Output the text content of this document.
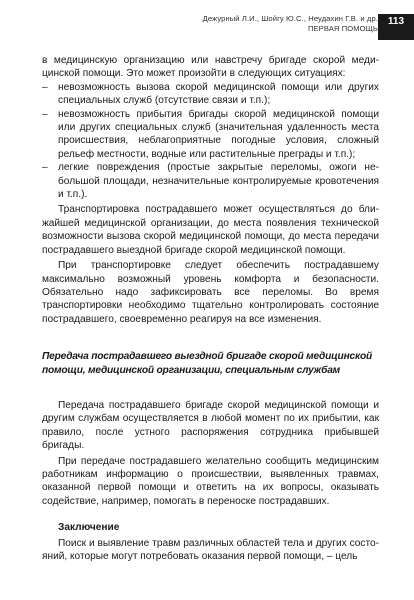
Дежурный Л.И., Шойгу Ю.С., Неудахин Г.В. и др.
ПЕРВАЯ ПОМОЩЬ
113

в медицинскую организацию или навстречу бригаде скорой медицинской помощи. Это может произойти в следующих ситуациях:

– невозможность вызова скорой медицинской помощи или других специальных служб (отсутствие связи и т.п.);
– невозможность прибытия бригады скорой медицинской помощи или других специальных служб (значительная удаленность места происшествия, неблагоприятные погодные условия, сложный рельеф местности, водные или растительные преграды и т.п.);
– легкие повреждения (простые закрытые переломы, ожоги небольшой площади, незначительные контролируемые кровотечения и т.п.).

Транспортировка пострадавшего может осуществляться до ближайшей медицинской организации, до места появления технической возможности вызова скорой медицинской помощи, до места передачи пострадавшего выездной бригаде скорой медицинской помощи.

При транспортировке следует обеспечить пострадавшему максимально возможный уровень комфорта и безопасности. Обязательно надо зафиксировать все переломы. Во время транспортировки необходимо тщательно контролировать состояние пострадавшего, своевременно реагируя на все изменения.

Передача пострадавшего выездной бригаде скорой медицинской помощи, медицинской организации, специальным службам

Передача пострадавшего бригаде скорой медицинской помощи и другим службам осуществляется в любой момент по их прибытии, как правило, после устного распоряжения сотрудника прибывшей бригады.

При передаче пострадавшего желательно сообщить медицинским работникам информацию о происшествии, выявленных травмах, оказанной первой помощи и ответить на их вопросы, оказывать содействие, например, помогать в переноске пострадавших.

Заключение

Поиск и выявление травм различных областей тела и других состояний, которые могут потребовать оказания первой помощи, – цель
